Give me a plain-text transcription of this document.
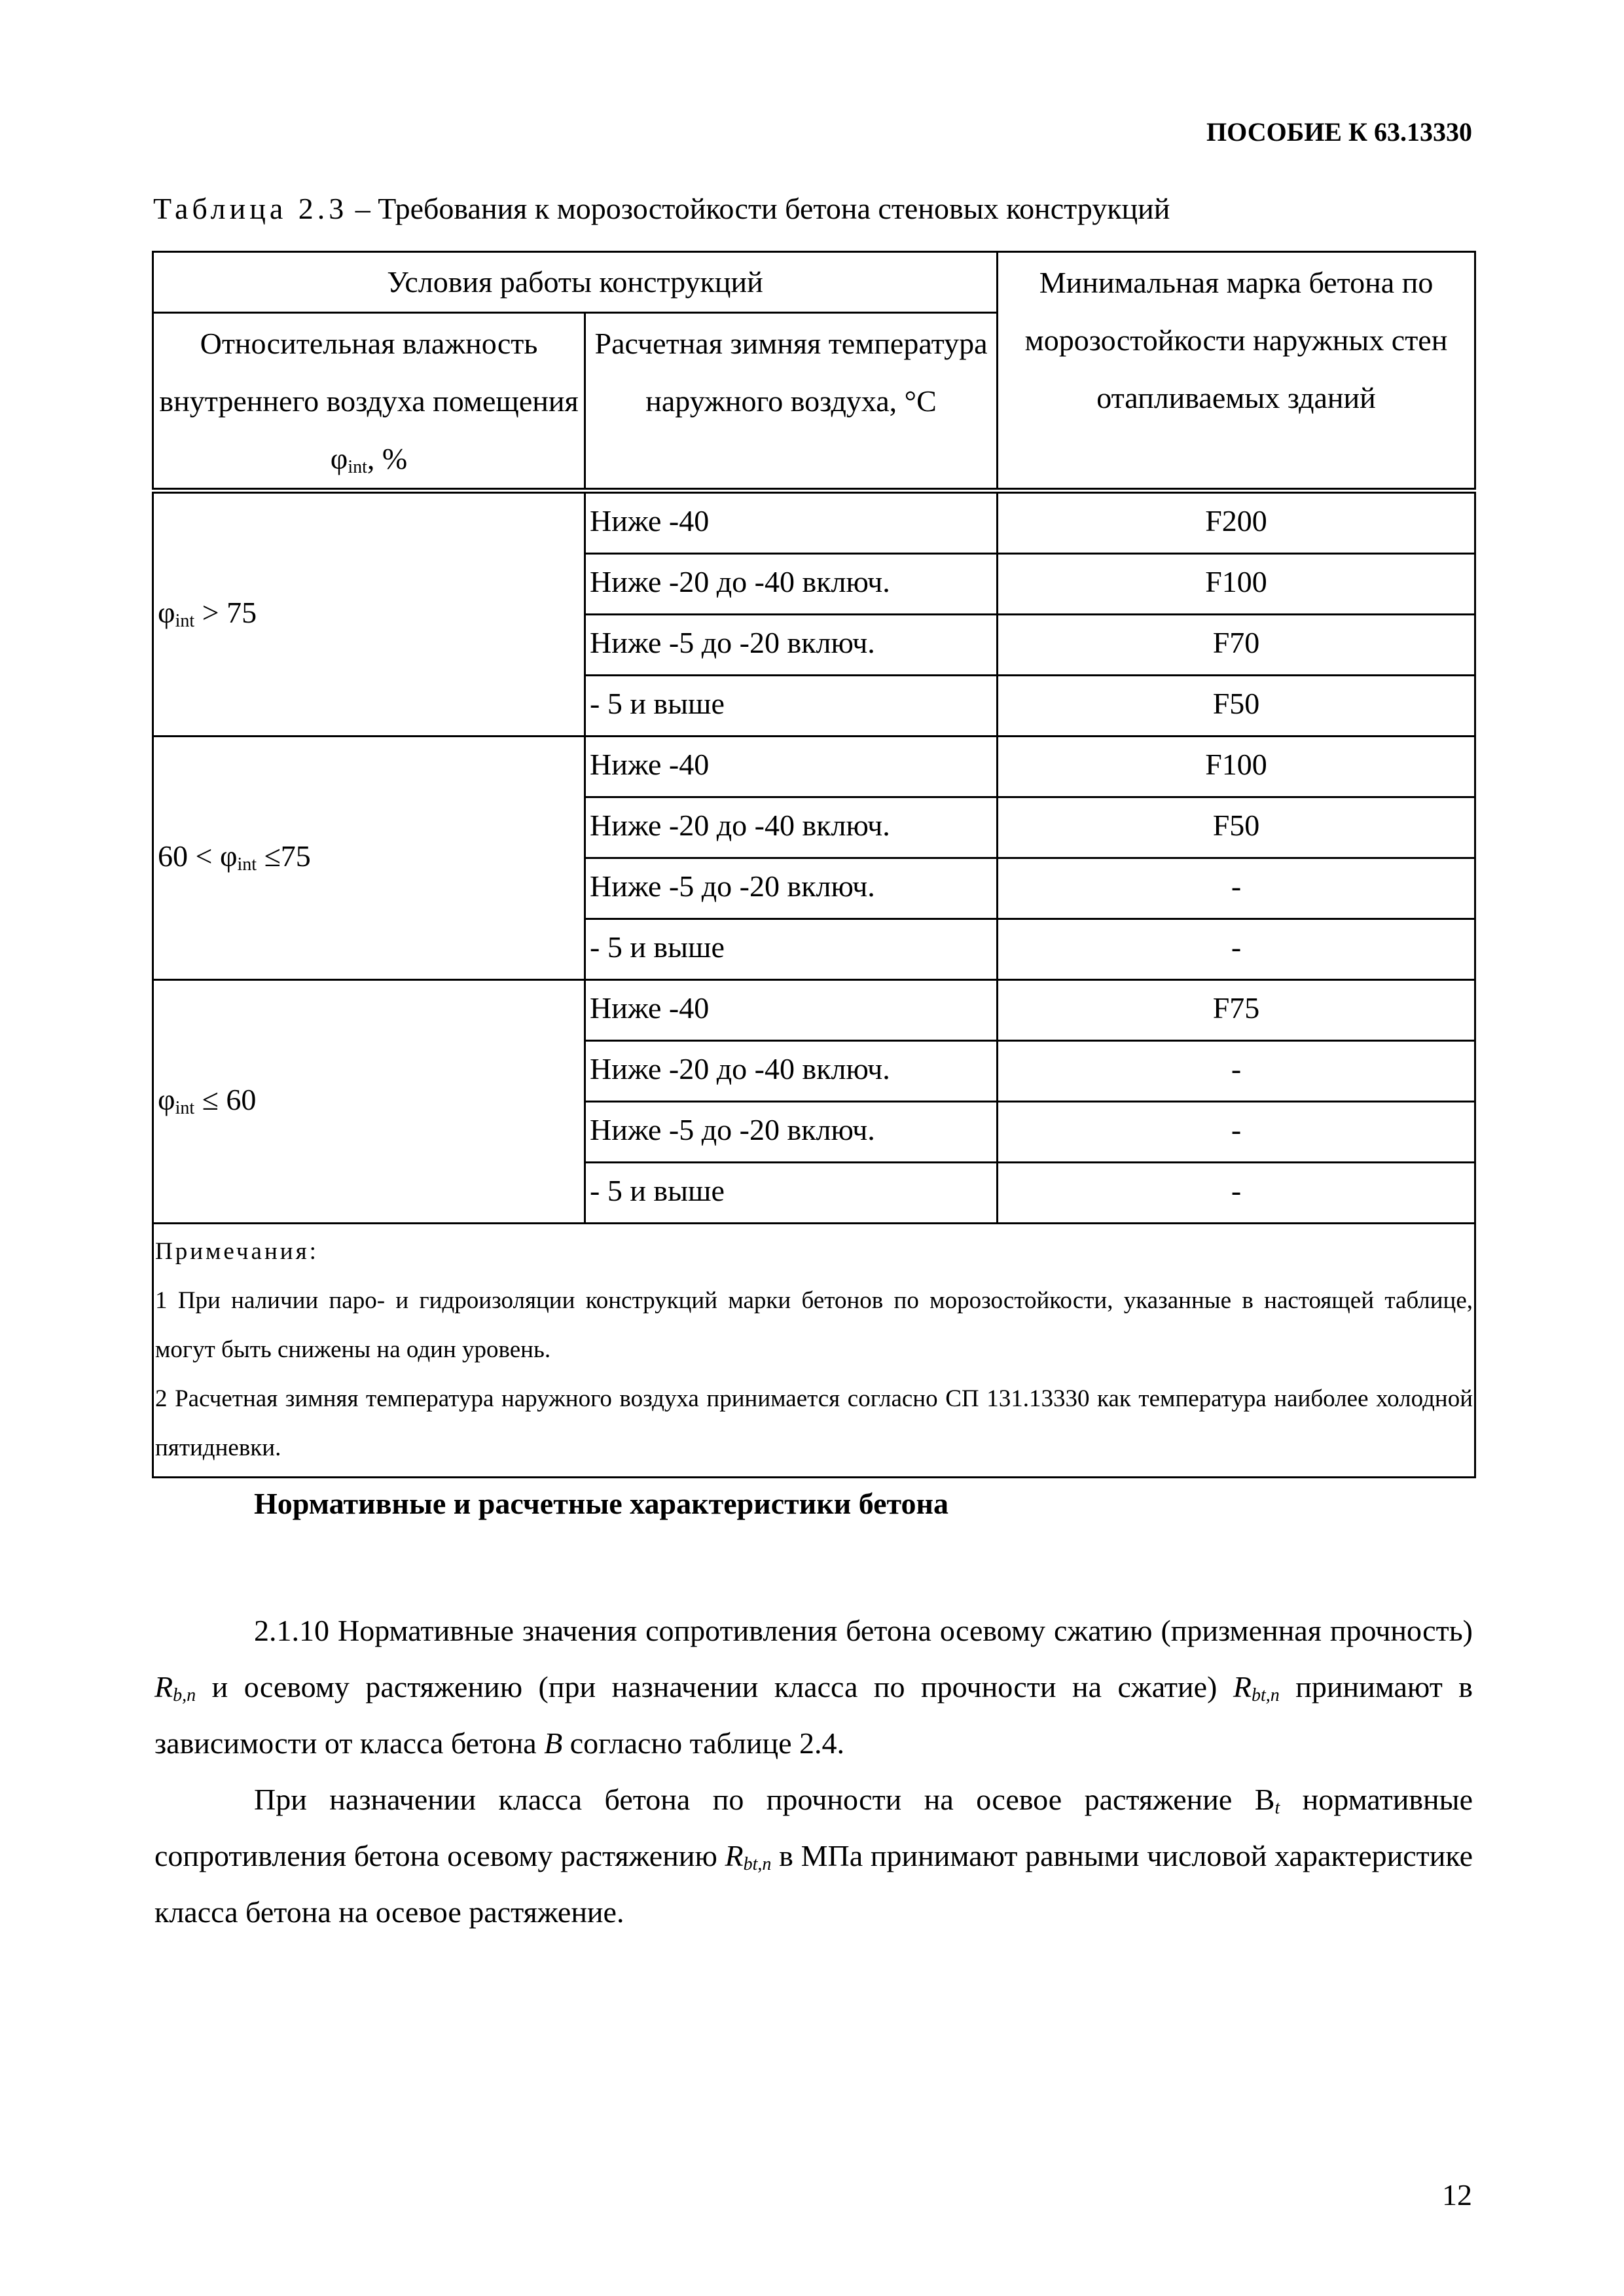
ПОСОБИЕ К 63.13330
Таблица 2.3 – Требования к морозостойкости бетона стеновых конструкций
Условия работы конструкций		Минимальная марка бетона по морозостойкости наружных стен отапливаемых зданий
Относительная влажность внутреннего воздуха помещения $\varphi_{int}$, %	Расчетная зимняя температура наружного воздуха, °С	
$\varphi_{int} > 75$	Ниже -40	F200
	Ниже -20 до -40 включ.	F100
	Ниже -5 до -20 включ.	F70
	- 5 и выше	F50
$60 < \varphi_{int} \le 75$	Ниже -40	F100
	Ниже -20 до -40 включ.	F50
	Ниже -5 до -20 включ.	-
	- 5 и выше	-
$\varphi_{int} \le 60$	Ниже -40	F75
	Ниже -20 до -40 включ.	-
	Ниже -5 до -20 включ.	-
	- 5 и выше	-

Примечания:
1 При наличии паро- и гидроизоляции конструкций марки бетонов по морозостойкости, указанные в настоящей таблице, могут быть снижены на один уровень.
2 Расчетная зимняя температура наружного воздуха принимается согласно СП 131.13330 как температура наиболее холодной пятидневки.		
Нормативные и расчетные характеристики бетона
2.1.10 Нормативные значения сопротивления бетона осевому сжатию (призменная прочность) $R_{b,n}$ и осевому растяжению (при назначении класса по прочности на сжатие) $R_{bt,n}$ принимают в зависимости от класса бетона B согласно таблице 2.4.
При назначении класса бетона по прочности на осевое растяжение $B_t$ нормативные сопротивления бетона осевому растяжению $R_{bt,n}$ в МПа принимают равными числовой характеристике класса бетона на осевое растяжение.
12
